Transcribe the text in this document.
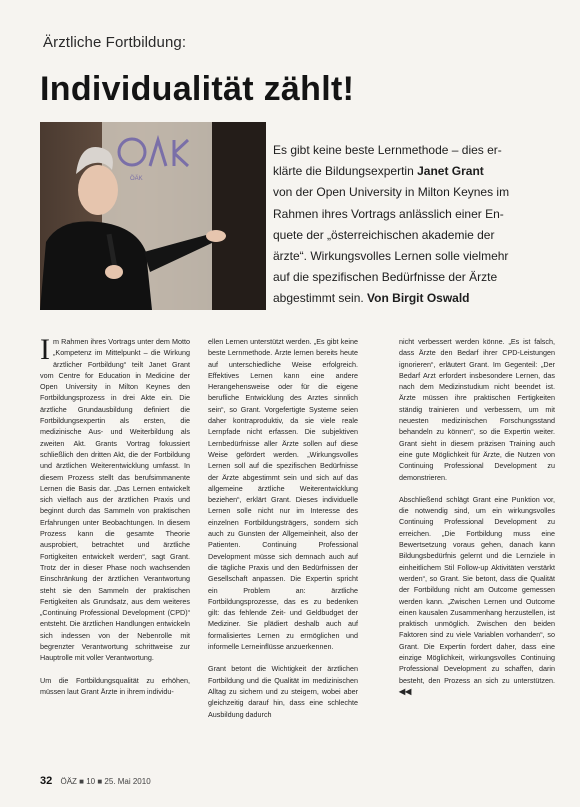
Ärztliche Fortbildung:
Individualität zählt!
ÖÄK
Es gibt keine beste Lernmethode – dies er-
klärte die Bildungsexpertin Janet Grant
von der Open University in Milton Keynes im
Rahmen ihres Vortrags anlässlich einer En-
quete der „österreichischen akademie der
ärzte“. Wirkungsvolles Lernen solle vielmehr
auf die spezifischen Bedürfnisse der Ärzte
abgestimmt sein. Von Birgit Oswald

Im Rahmen ihres Vortrags unter dem Motto „Kompetenz im Mittelpunkt – die Wirkung ärztlicher Fortbildung“ teilt Janet Grant vom Centre for Education in Medicine der Open University in Milton Keynes den Fortbildungsprozess in drei Akte ein. Die ärztliche Grundausbildung definiert die Fortbildungsexpertin als ersten, die medizinische Aus- und Weiterbildung als zweiten Akt. Grants Vortrag fokussiert schließlich den dritten Akt, die der Fortbildung und ärztlichen Weiterentwicklung umfasst. In diesem Prozess stellt das berufsimmanente Lernen die Basis dar. „Das Lernen entwickelt sich vielfach aus der ärztlichen Praxis und beginnt durch das Sammeln von praktischen Erfahrungen unter Beobachtungen. In diesem Prozess kann die gesamte Theorie ausprobiert, betrachtet und ärztliche Fortigkeiten entwickelt werden“, sagt Grant. Trotz der in dieser Phase noch wachsenden Einschränkung der ärztlichen Verantwortung steht sie den Sammeln der praktischen Fertigkeiten als Grundsatz, aus dem weiteres „Continuing Professional Development (CPD)“ entsteht. Die ärztlichen Handlungen entwickeln sich indessen von der Nebenrolle mit begrenzter Verantwortung schrittweise zur Hauptrolle mit voller Verantwortung.

Um die Fortbildungsqualität zu erhöhen, müssen laut Grant Ärzte in ihrem individu-

ellen Lernen unterstützt werden. „Es gibt keine beste Lernmethode. Ärzte lernen bereits heute auf unterschiedliche Weise erfolgreich. Effektives Lernen kann eine andere Herangehensweise oder für die eigene berufliche Entwicklung des Arztes sinnlich sein“, so Grant. Vorgefertigte Systeme seien daher kontraproduktiv, da sie viele reale Lernpfade nicht erfassen. Die subjektiven Lernbedürfnisse aller Ärzte sollen auf diese Weise gefördert werden. „Wirkungsvolles Lernen soll auf die spezifischen Bedürfnisse der Ärzte abgestimmt sein und sich auf das allgemeine ärztliche Weiterentwicklung beziehen“, erklärt Grant. Dieses individuelle Lernen solle nicht nur im Interesse des einzelnen Fortbildungsträgers, sondern sich auch zu Gunsten der Allgemeinheit, also der Patienten. Continuing Professional Development müsse sich demnach auch auf die tägliche Praxis und den Bedürfnissen der Gesellschaft anpassen. Die Expertin spricht ein Problem an: ärztliche Fortbildungsprozesse, das es zu bedenken gilt: das fehlende Zeit- und Geldbudget der Mediziner. Sie plädiert deshalb auch auf formalisiertes Lernen zu ermöglichen und informelle Lerneinflüsse anzuerkennen.

Grant betont die Wichtigkeit der ärztlichen Fortbildung und die Qualität im medizinischen Alltag zu sichern und zu steigern, wobei aber gleichzeitig darauf hin, dass eine schlechte Ausbildung dadurch

nicht verbessert werden könne. „Es ist falsch, dass Ärzte den Bedarf ihrer CPD-Leistungen ignorieren“, erläutert Grant. Im Gegenteil: „Der Bedarf Arzt erfordert insbesondere Lernen, das nach dem Medizinstudium nicht beendet ist. Ärzte müssen ihre praktischen Fertigkeiten ständig trainieren und verbessern, um mit neuesten medizinischen Forschungsstand behandeln zu können“, so die Expertin weiter. Grant sieht in diesem präzisen Training auch eine gute Möglichkeit für Ärzte, die Nutzen von Continuing Professional Development zu demonstrieren.

Abschließend schlägt Grant eine Punktion vor, die notwendig sind, um ein wirkungsvolles Continuing Professional Development zu erreichen. „Die Fortbildung muss eine Bewertsetzung voraus gehen, danach kann Bildungsbedürfnis gelernt und die Lernziele in einheitlichem Stil Follow-up Aktivitäten verstärkt werden“, so Grant. Sie betont, dass die Qualität der Fortbildung nicht am Outcome gemessen werden kann. „Zwischen Lernen und Outcome einen kausalen Zusammenhang herzustellen, ist praktisch unmöglich. Zwischen den beiden Faktoren sind zu viele Variablen vorhanden“, so Grant. Die Expertin fordert daher, dass eine einzige Möglichkeit, wirkungsvolles Continuing Professional Development zu schaffen, darin besteht, den Prozess an sich zu unterstützen. ◀◀

32 ÖÄZ ■ 10 ■ 25. Mai 2010
